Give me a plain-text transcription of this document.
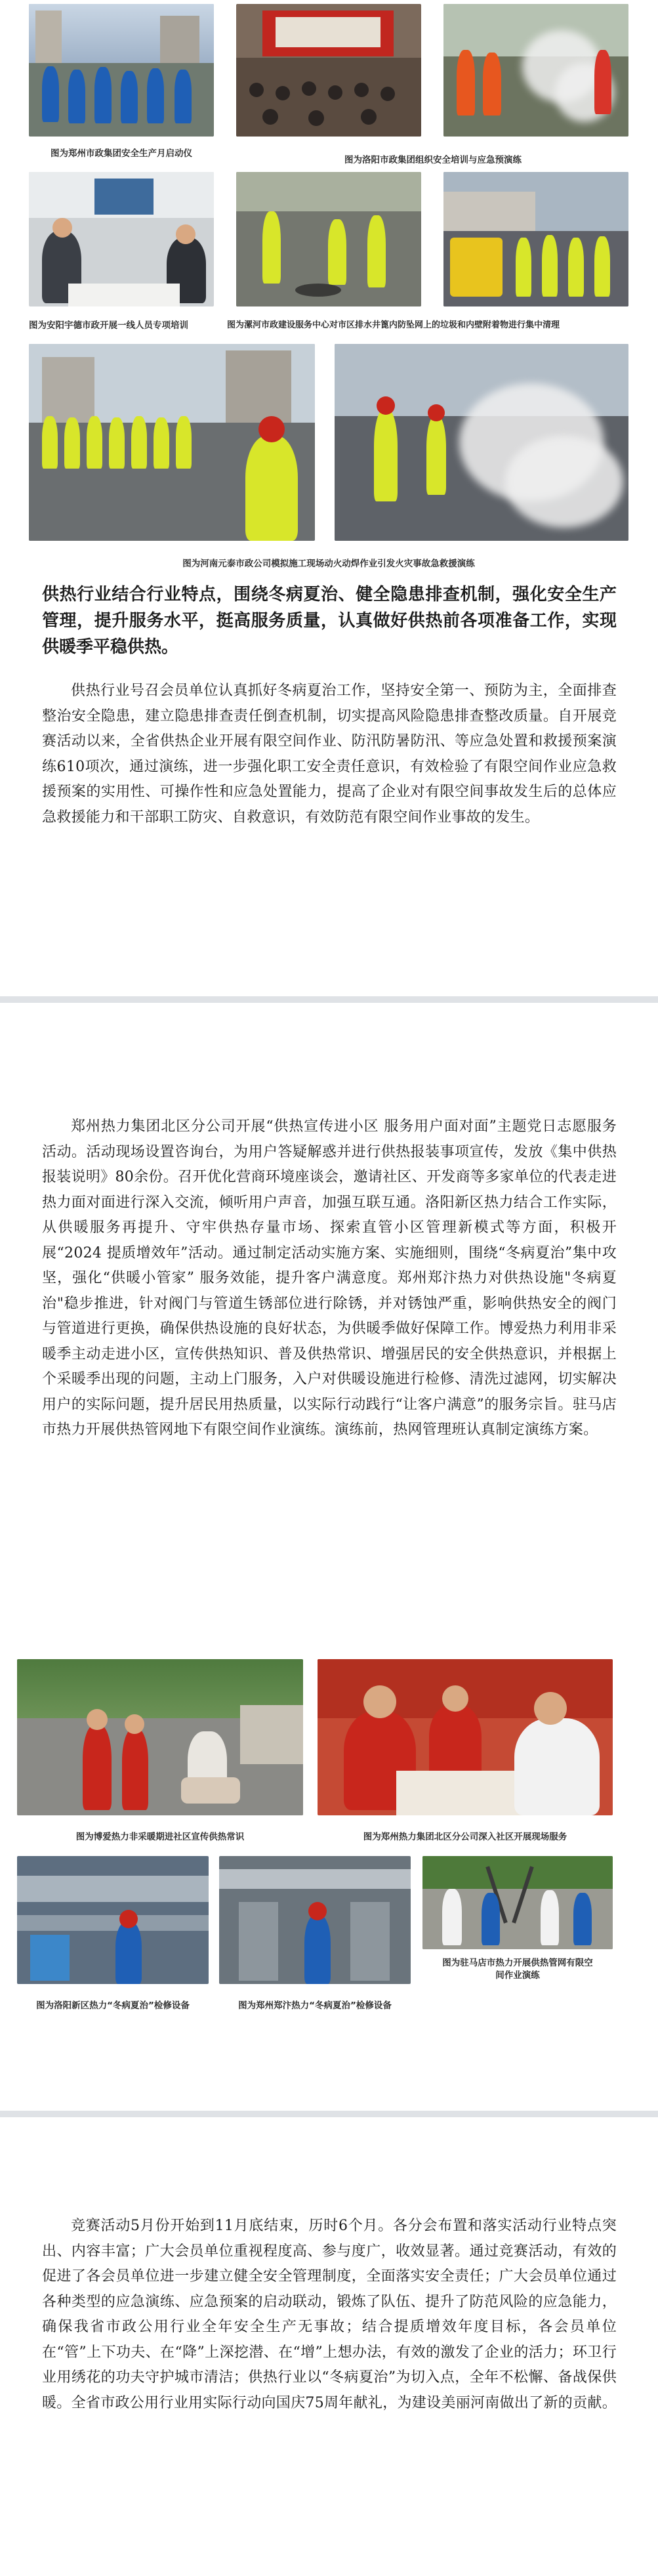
图为郑州市政集团安全生产月启动仪
图为洛阳市政集团组织安全培训与应急预演练
图为安阳宇德市政开展一线人员专项培训	图为漯河市政建设服务中心对市区排水井篦内防坠网上的垃圾和内壁附着物进行集中清理
图为河南元泰市政公司模拟施工现场动火动焊作业引发火灾事故急救援演练
供热行业结合行业特点，围绕冬病夏治、健全隐患排查机制，强化安全生产管理，提升服务水平，挺高服务质量，认真做好供热前各项准备工作，实现供暖季平稳供热。
供热行业号召会员单位认真抓好冬病夏治工作，坚持安全第一、预防为主，全面排查整治安全隐患，建立隐患排查责任倒查机制，切实提高风险隐患排查整改质量。自开展竞赛活动以来，全省供热企业开展有限空间作业、防汛防暑防汛、等应急处置和救援预案演练610项次，通过演练，进一步强化职工安全责任意识，有效检验了有限空间作业应急救援预案的实用性、可操作性和应急处置能力，提高了企业对有限空间事故发生后的总体应急救援能力和干部职工防灾、自救意识，有效防范有限空间作业事故的发生。
郑州热力集团北区分公司开展“供热宣传进小区 服务用户面对面”主题党日志愿服务活动。活动现场设置咨询台，为用户答疑解惑并进行供热报装事项宣传，发放《集中供热报装说明》80余份。召开优化营商环境座谈会，邀请社区、开发商等多家单位的代表走进热力面对面进行深入交流，倾听用户声音，加强互联互通。洛阳新区热力结合工作实际，从供暖服务再提升、守牢供热存量市场、探索直管小区管理新模式等方面，积极开展“2024 提质增效年”活动。通过制定活动实施方案、实施细则，围绕“冬病夏治”集中攻坚，强化“供暖小管家” 服务效能，提升客户满意度。郑州郑汴热力对供热设施"冬病夏治"稳步推进，针对阀门与管道生锈部位进行除锈，并对锈蚀严重，影响供热安全的阀门与管道进行更换，确保供热设施的良好状态，为供暖季做好保障工作。博爱热力利用非采暖季主动走进小区，宣传供热知识、普及供热常识、增强居民的安全供热意识，并根据上个采暖季出现的问题，主动上门服务，入户对供暖设施进行检修、清洗过滤网，切实解决用户的实际问题，提升居民用热质量，以实际行动践行“让客户满意”的服务宗旨。驻马店市热力开展供热管网地下有限空间作业演练。演练前，热网管理班认真制定演练方案。
图为博爱热力非采暖期进社区宣传供热常识	图为郑州热力集团北区分公司深入社区开展现场服务
图为洛阳新区热力“冬病夏治”检修设备	图为郑州郑汴热力“冬病夏治”检修设备
图为驻马店市热力开展供热管网有限空间作业演练
竞赛活动5月份开始到11月底结束，历时6个月。各分会布置和落实活动行业特点突出、内容丰富；广大会员单位重视程度高、参与度广，收效显著。通过竞赛活动，有效的促进了各会员单位进一步建立健全安全管理制度，全面落实安全责任；广大会员单位通过各种类型的应急演练、应急预案的启动联动，锻炼了队伍、提升了防范风险的应急能力，确保我省市政公用行业全年安全生产无事故；结合提质增效年度目标，各会员单位在“管”上下功夫、在“降”上深挖潜、在“增”上想办法，有效的激发了企业的活力；环卫行业用绣花的功夫守护城市清洁；供热行业以“冬病夏治”为切入点，全年不松懈、备战保供暖。全省市政公用行业用实际行动向国庆75周年献礼，为建设美丽河南做出了新的贡献。
